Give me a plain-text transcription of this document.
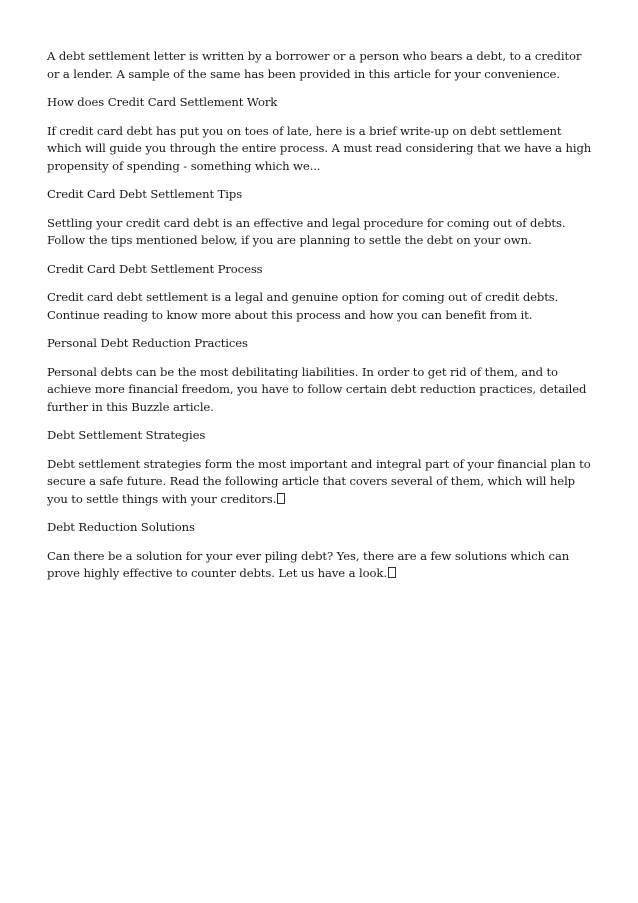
A debt settlement letter is written by a borrower or a person who bears a debt, to a creditor or a lender. A sample of the same has been provided in this article for your convenience.

How does Credit Card Settlement Work

If credit card debt has put you on toes of late, here is a brief write-up on debt settlement which will guide you through the entire process. A must read considering that we have a high propensity of spending - something which we...

Credit Card Debt Settlement Tips

Settling your credit card debt is an effective and legal procedure for coming out of debts. Follow the tips mentioned below, if you are planning to settle the debt on your own.

Credit Card Debt Settlement Process

Credit card debt settlement is a legal and genuine option for coming out of credit debts. Continue reading to know more about this process and how you can benefit from it.

Personal Debt Reduction Practices

Personal debts can be the most debilitating liabilities. In order to get rid of them, and to achieve more financial freedom, you have to follow certain debt reduction practices, detailed further in this Buzzle article.

Debt Settlement Strategies

Debt settlement strategies form the most important and integral part of your financial plan to secure a safe future. Read the following article that covers several of them, which will help you to settle things with your creditors.

Debt Reduction Solutions

Can there be a solution for your ever piling debt? Yes, there are a few solutions which can prove highly effective to counter debts. Let us have a look.
